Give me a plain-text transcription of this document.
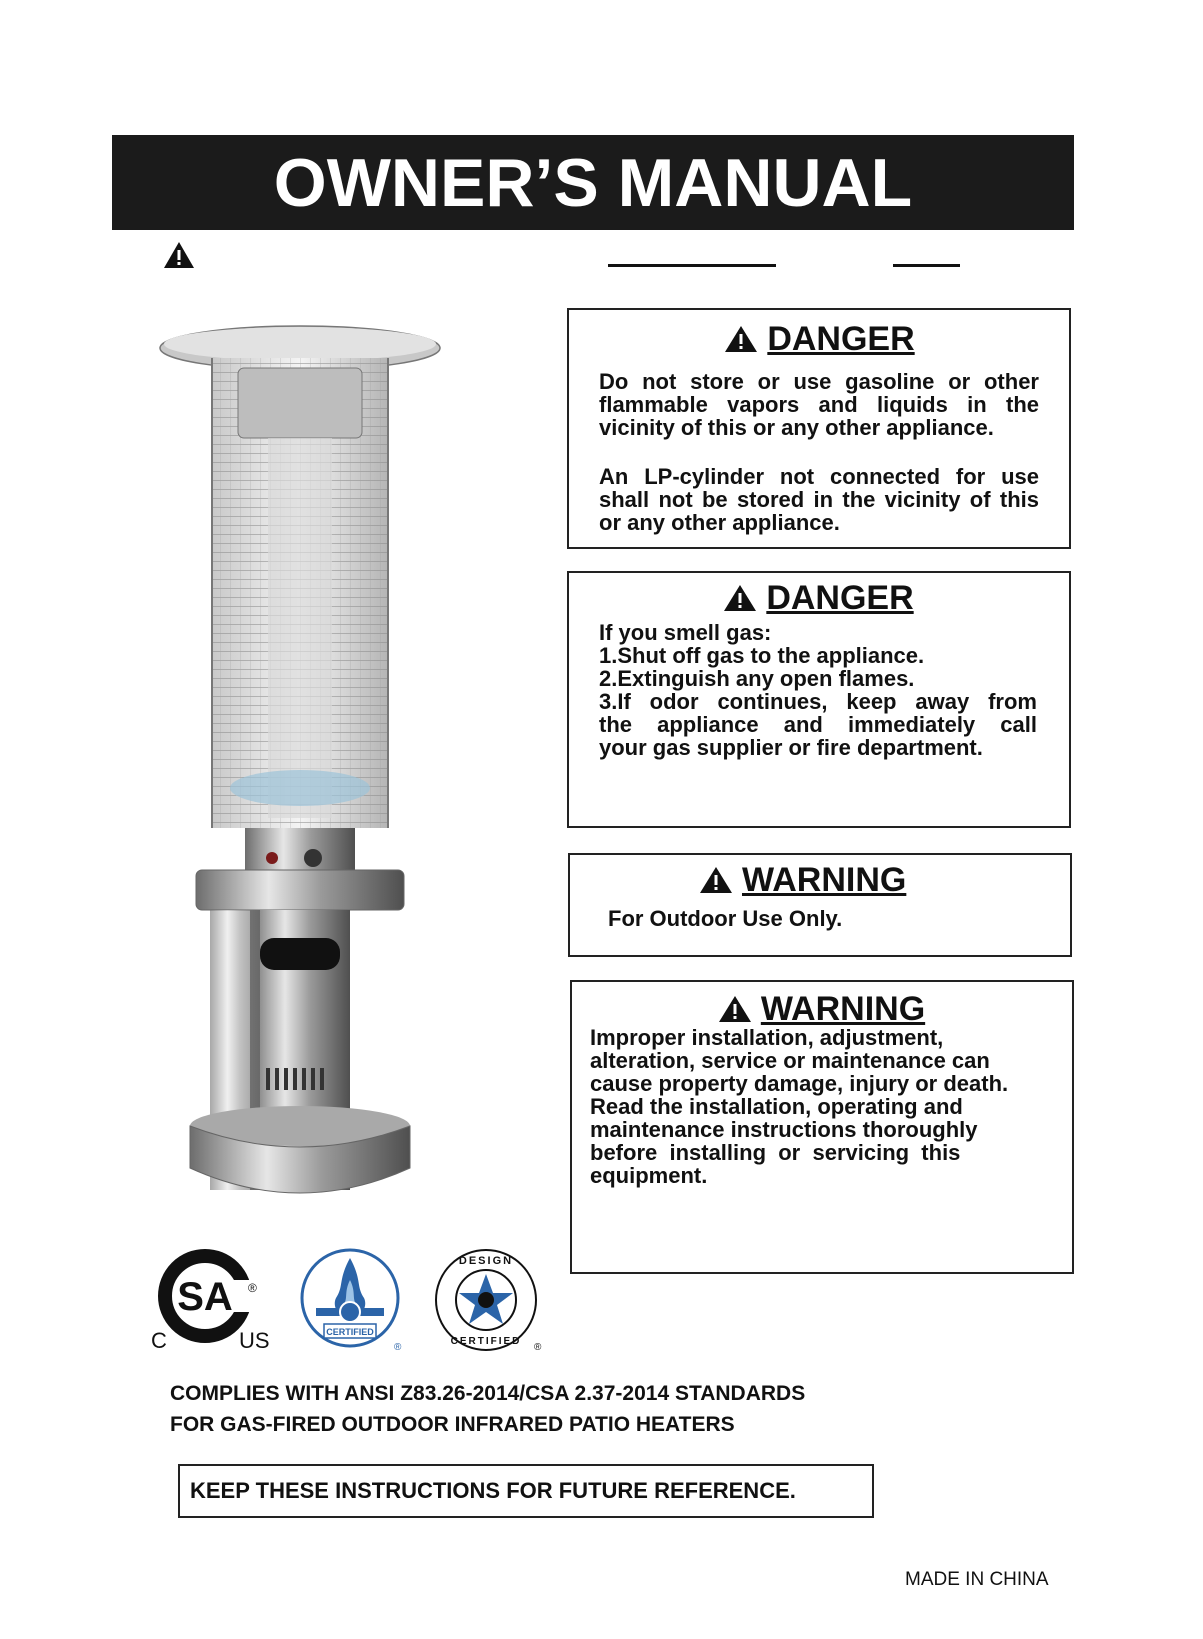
OWNER’S MANUAL
DANGER

Do not store or use gasoline or other flammable vapors and liquids in the vicinity of this or any other appliance.

An LP-cylinder not connected for use shall not be stored in the vicinity of this or any other appliance.

DANGER

If you smell gas:

1.Shut off gas to the appliance.

2.Extinguish any open flames.

3.If odor continues, keep away from

the appliance and immediately call

your gas supplier or fire department.

WARNING

For Outdoor Use Only.

WARNING

Improper installation, adjustment,

alteration, service or maintenance can

cause property damage, injury or death.

Read the installation, operating and

maintenance instructions thoroughly

before  installing  or  servicing  this

equipment.

SA ®
C	US	CERTIFIED
®
DESIGN
CERTIFIED
®
COMPLIES WITH ANSI Z83.26-2014/CSA 2.37-2014 STANDARDS
FOR GAS-FIRED OUTDOOR INFRARED PATIO HEATERS
KEEP THESE INSTRUCTIONS FOR FUTURE REFERENCE.
MADE IN CHINA
